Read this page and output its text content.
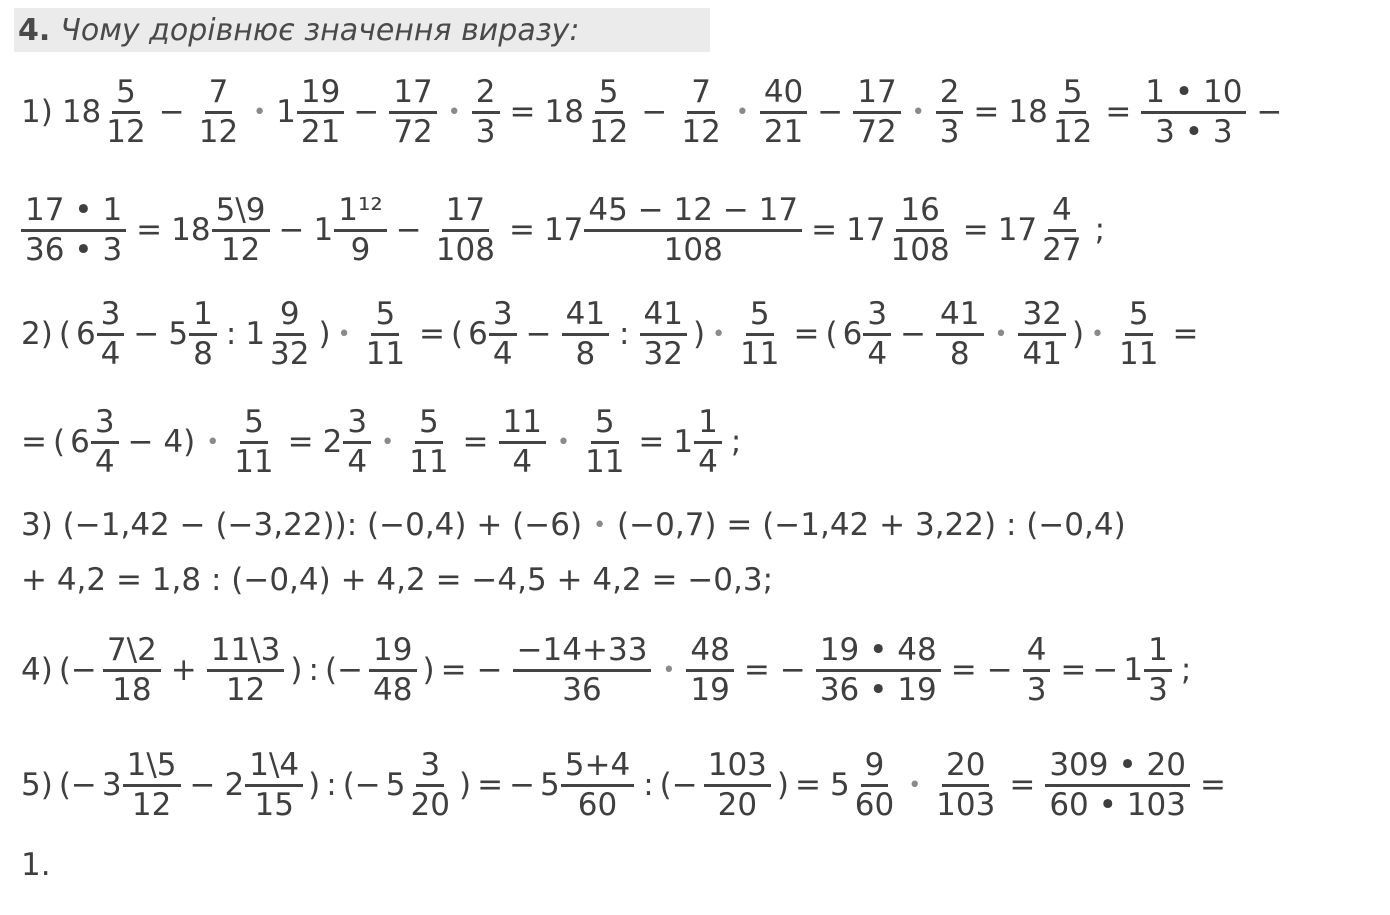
4. Чому дорівнює значення виразу:
1) $18 \frac{5}{12} - \frac{7}{12}$ • $1 \frac{19}{21} - \frac{17}{72}$ • $\frac{2}{3} = 18 \frac{5}{12} - \frac{7}{12}$ • $\frac{40}{21} - \frac{17}{72}$ • $\frac{2}{3} = 18 \frac{5}{12} = \frac{1 • 10}{3 • 3}$ −
$\frac{17 • 1}{36 • 3} = 18 \frac{5\backslash 9}{12} - 1 \frac{\text{1¹²}}{9} - \frac{17}{108} = 17 \frac{45 - 12 - 17}{108} = 17 \frac{16}{108} = 17 \frac{4}{27}$ ;
2) ( $6 \frac{3}{4} - 5 \frac{1}{8}$ : $1 \frac{9}{32}$ ) • $\frac{5}{11}$ = ( $6 \frac{3}{4} - \frac{41}{8}$ : $\frac{41}{32}$ ) • $\frac{5}{11}$ = ( $6 \frac{3}{4} - \frac{41}{8}$ • $\frac{32}{41}$ ) • $\frac{5}{11}$ =
= ( $6 \frac{3}{4} - 4$) • $\frac{5}{11} = 2 \frac{3}{4}$ • $\frac{5}{11} = \frac{11}{4}$ • $\frac{5}{11} = 1 \frac{1}{4}$ ;
3) (−1,42 − (−3,22)): (−0,4) + (−6) • (−0,7) = (−1,42 + 3,22) : (−0,4)
+ 4,2 = 1,8 : (−0,4) + 4,2 = −4,5 + 4,2 = −0,3;
4) (− $\frac{7\backslash 2}{18} + \frac{11\backslash 3}{12}$ ) : (− $\frac{19}{48}$ ) = − $\frac{-14+33}{36}$ • $\frac{48}{19}$ = − $\frac{19 • 48}{36 • 19}$ = − $\frac{4}{3}$ = − $1 \frac{1}{3}$ ;
5) (− $3 \frac{1\backslash 5}{12} - 2 \frac{1\backslash 4}{15}$ ) : (− $5 \frac{3}{20}$ ) = − $5 \frac{5+4}{60}$ : (− $\frac{103}{20}$ ) = $5 \frac{9}{60}$ • $\frac{20}{103} = \frac{309 • 20}{60 • 103}$ =
1.
